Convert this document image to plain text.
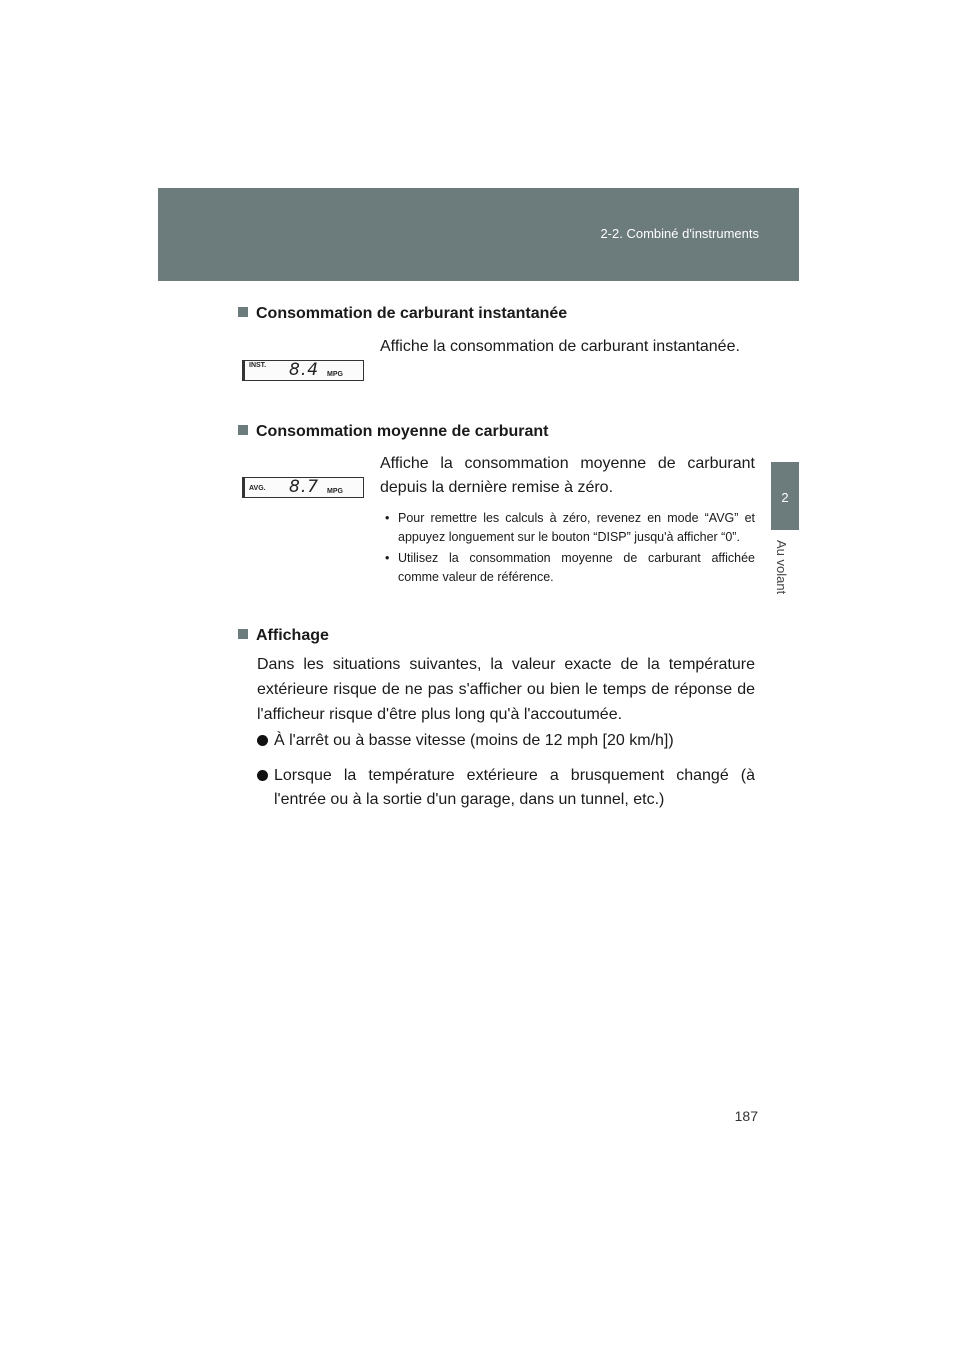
2-2. Combiné d'instruments
2
Au volant
Consommation de carburant instantanée
INST. 8.4 MPG
Affiche la consommation de carburant instantanée.
Consommation moyenne de carburant
AVG. 8.7 MPG
Affiche la consommation moyenne de carburant depuis la dernière remise à zéro.
• Pour remettre les calculs à zéro, revenez en mode “AVG” et appuyez longuement sur le bouton “DISP” jusqu'à afficher “0”.
• Utilisez la consommation moyenne de carburant affichée comme valeur de référence.
Affichage
Dans les situations suivantes, la valeur exacte de la température extérieure risque de ne pas s'afficher ou bien le temps de réponse de l'afficheur risque d'être plus long qu'à l'accoutumée.
À l'arrêt ou à basse vitesse (moins de 12 mph [20 km/h])
Lorsque la température extérieure a brusquement changé (à l'entrée ou à la sortie d'un garage, dans un tunnel, etc.)
187
